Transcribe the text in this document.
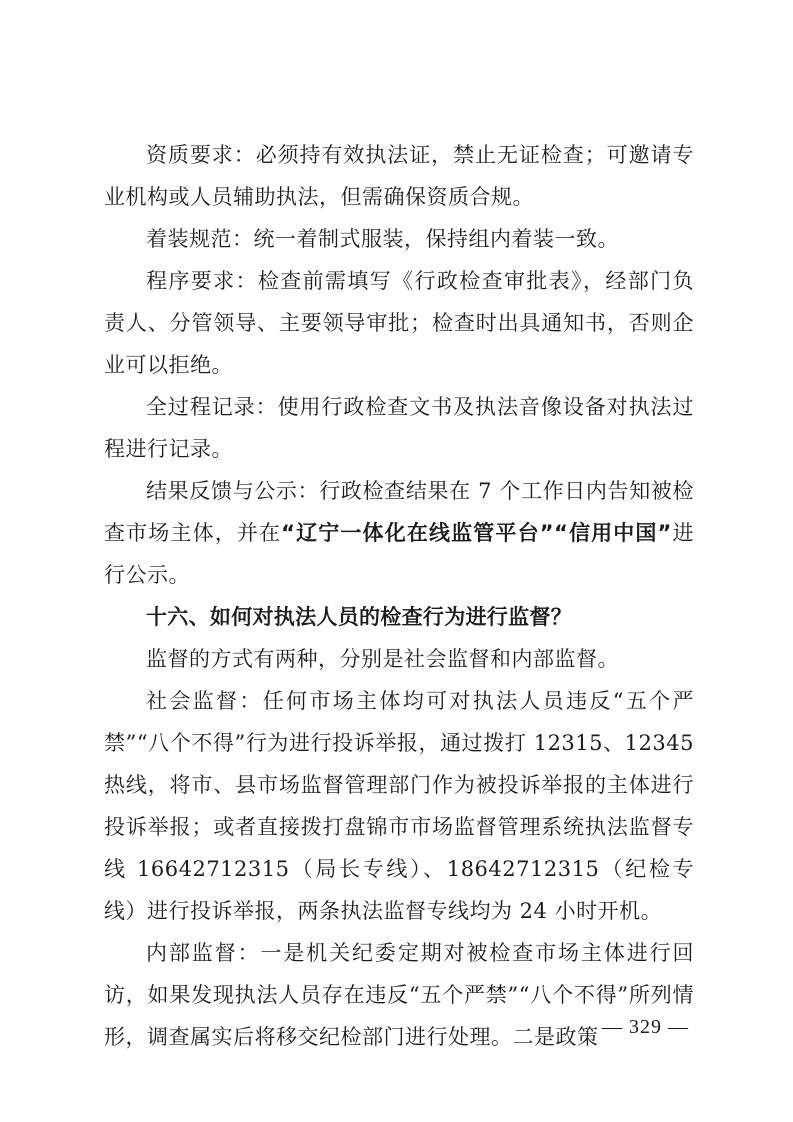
资质要求：必须持有效执法证，禁止无证检查；可邀请专业机构或人员辅助执法，但需确保资质合规。

着装规范：统一着制式服装，保持组内着装一致。

程序要求：检查前需填写《行政检查审批表》，经部门负责人、分管领导、主要领导审批；检查时出具通知书，否则企业可以拒绝。

全过程记录：使用行政检查文书及执法音像设备对执法过程进行记录。

结果反馈与公示：行政检查结果在 7 个工作日内告知被检查市场主体，并在“辽宁一体化在线监管平台”“信用中国”进行公示。

十六、如何对执法人员的检查行为进行监督？

监督的方式有两种，分别是社会监督和内部监督。

社会监督：任何市场主体均可对执法人员违反“五个严禁”“八个不得”行为进行投诉举报，通过拨打 12315、12345 热线，将市、县市场监督管理部门作为被投诉举报的主体进行投诉举报；或者直接拨打盘锦市市场监督管理系统执法监督专线 16642712315（局长专线）、18642712315（纪检专线）进行投诉举报，两条执法监督专线均为 24 小时开机。

内部监督：一是机关纪委定期对被检查市场主体进行回访，如果发现执法人员存在违反“五个严禁”“八个不得”所列情形，调查属实后将移交纪检部门进行处理。二是政策 — 329 —
